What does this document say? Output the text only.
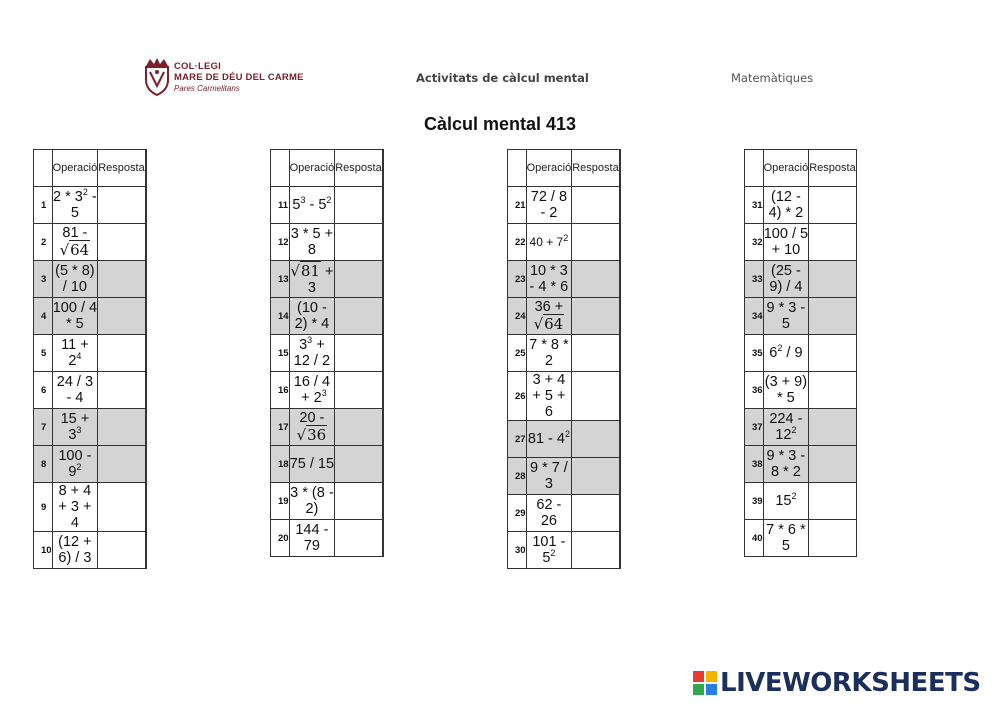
COL·LEGI
MARE DE DÉU DEL CARME
Pares Carmelitans
Activitats de càlcul mental	Matemàtiques
Càlcul mental 413
	Operació	Resposta	
1	$2 * 3^2 - 5$		
2	81 - √64		
3	(5 * 8) / 10		
4	100 / 4 * 5		
5	$11 + 2^4$		
6	24 / 3 - 4		
7	$15 + 3^3$		
8	$100 - 9^2$		
9	8 + 4 + 3 + 4		
10	(12 + 6) / 3		
	Operació	Resposta	
11	$5^3 - 5^2$		
12	3 * 5 + 8		
13	√81 + 3		
14	(10 - 2) * 4		
15	$3^3 + 12 / 2$		
16	$16 / 4 + 2^3$		
17	20 - √36		
18	75 / 15		
19	3 * (8 - 2)		
20	144 - 79		
	Operació	Resposta	
21	72 / 8 - 2		
22	$40 + 7^2$		
23	10 * 3 - 4 * 6		
24	36 + √64		
25	7 * 8 * 2		
26	3 + 4 + 5 + 6		
27	$81 - 4^2$		
28	9 * 7 / 3		
29	62 - 26		
30	$101 - 5^2$		
	Operació	Resposta
31	(12 - 4) * 2	
32	100 / 5 + 10	
33	(25 - 9) / 4	
34	9 * 3 - 5	
35	$6^2 / 9$	
36	(3 + 9) * 5	
37	$224 - 12^2$	
38	9 * 3 - 8 * 2	
39	$15^2$	
40	7 * 6 * 5	
LIVEWORKSHEETS
